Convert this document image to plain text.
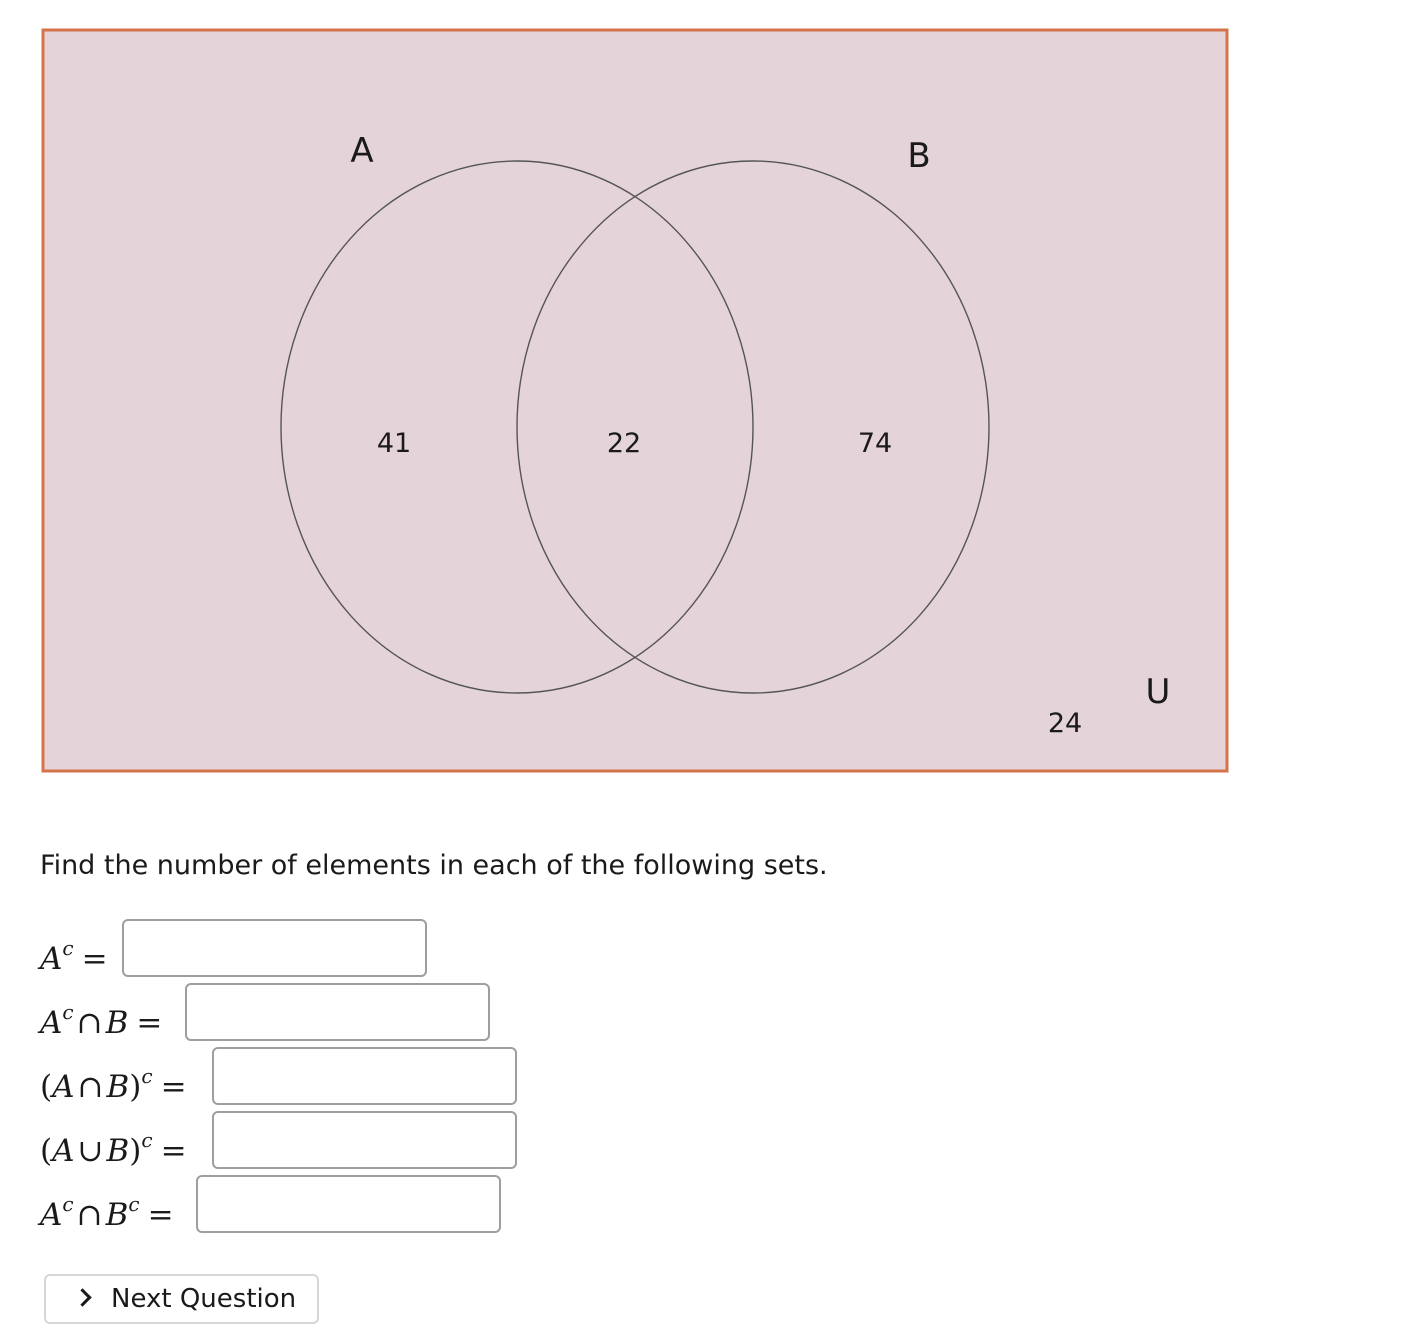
A	B
U
41	22	74
24
Find the number of elements in each of the following sets.
$A^c$ =
$A^c\cap B$ =
(A∩B)$^c$ =
(A∪B)$^c$ =
$A^c\cap B^c$ =
Next Question
